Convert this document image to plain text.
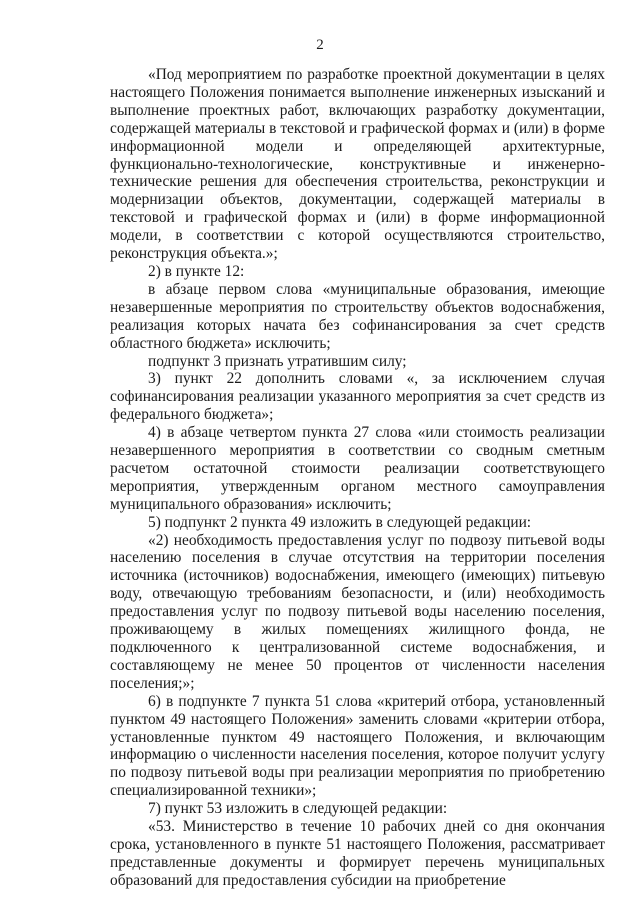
2

«Под мероприятием по разработке проектной документации в целях настоящего Положения понимается выполнение инженерных изысканий и выполнение проектных работ, включающих разработку документации, содержащей материалы в текстовой и графической формах и (или) в форме информационной модели и определяющей архитектурные, функционально-технологические, конструктивные и инженерно-технические решения для обеспечения строительства, реконструкции и модернизации объектов, документации, содержащей материалы в текстовой и графической формах и (или) в форме информационной модели, в соответствии с которой осуществляются строительство, реконструкция объекта.»;

2) в пункте 12:

в абзаце первом слова «муниципальные образования, имеющие незавершенные мероприятия по строительству объектов водоснабжения, реализация которых начата без софинансирования за счет средств областного бюджета» исключить;

подпункт 3 признать утратившим силу;

3) пункт 22 дополнить словами «, за исключением случая софинансирования реализации указанного мероприятия за счет средств из федерального бюджета»;

4) в абзаце четвертом пункта 27 слова «или стоимость реализации незавершенного мероприятия в соответствии со сводным сметным расчетом остаточной стоимости реализации соответствующего мероприятия, утвержденным органом местного самоуправления муниципального образования» исключить;

5) подпункт 2 пункта 49 изложить в следующей редакции:

«2) необходимость предоставления услуг по подвозу питьевой воды населению поселения в случае отсутствия на территории поселения источника (источников) водоснабжения, имеющего (имеющих) питьевую воду, отвечающую требованиям безопасности, и (или) необходимость предоставления услуг по подвозу питьевой воды населению поселения, проживающему в жилых помещениях жилищного фонда, не подключенного к централизованной системе водоснабжения, и составляющему не менее 50 процентов от численности населения поселения;»;

6) в подпункте 7 пункта 51 слова «критерий отбора, установленный пунктом 49 настоящего Положения» заменить словами «критерии отбора, установленные пунктом 49 настоящего Положения, и включающим информацию о численности населения поселения, которое получит услугу по подвозу питьевой воды при реализации мероприятия по приобретению специализированной техники»;

7) пункт 53 изложить в следующей редакции:

«53. Министерство в течение 10 рабочих дней со дня окончания срока, установленного в пункте 51 настоящего Положения, рассматривает представленные документы и формирует перечень муниципальных образований для предоставления субсидии на приобретение
